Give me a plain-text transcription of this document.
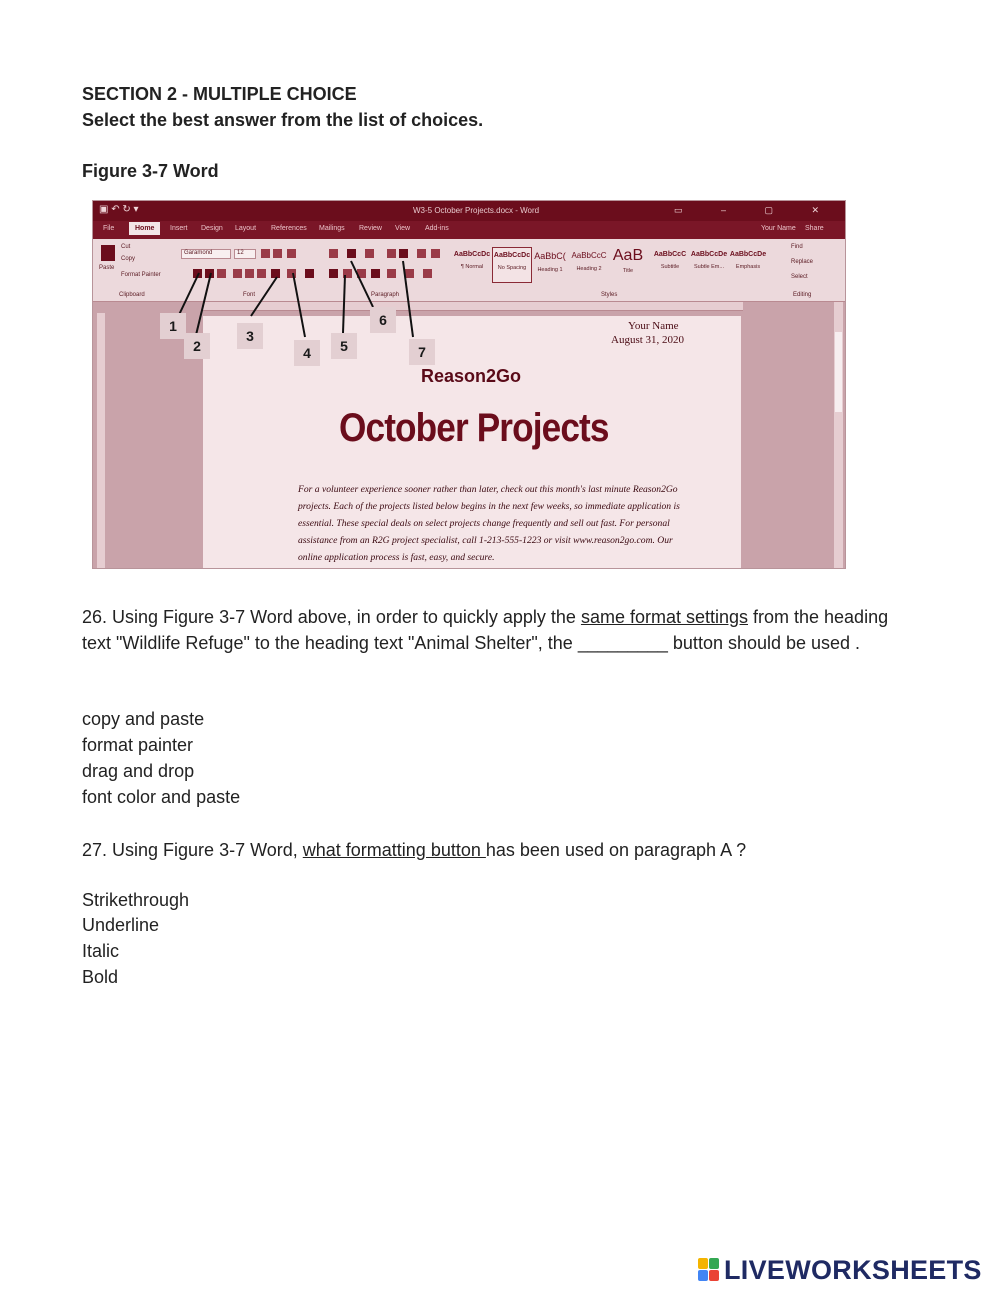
SECTION 2 - MULTIPLE CHOICE
Select the best answer from the list of choices.
Figure 3-7 Word
▣ ↶ ↻ ▾	W3-5 October Projects.docx - Word	▭ – ▢ ✕
File	Home	Insert Design Layout References Mailings Review View Add-ins	Your Name Share
Paste
Cut
Copy
Format Painter
Clipboard
Garamond	12
Font	Paragraph
AaBbCcDc
¶ Normal
AaBbCcDc
No Spacing
AaBbC(
Heading 1
AaBbCcC
Heading 2
AaB
Title
AaBbCcC
Subtitle
AaBbCcDe
Subtle Em...
AaBbCcDe
Emphasis
Styles
Find
Replace
Select
Editing
Your Name
August 31, 2020
Reason2Go
October Projects
For a volunteer experience sooner rather than later, check out this month's last minute Reason2Go projects. Each of the projects listed below begins in the next few weeks, so immediate application is essential. These special deals on select projects change frequently and sell out fast. For personal assistance from an R2G project specialist, call 1-213-555-1223 or visit www.reason2go.com. Our online application process is fast, easy, and secure.
1
2
3
4	5
6
7
26. Using Figure 3-7 Word above, in order to quickly apply the same format settings from the heading text "Wildlife Refuge" to the heading text "Animal Shelter", the _________ button should be used .
copy and paste
format painter
drag and drop
font color and paste
27. Using Figure 3-7 Word, what formatting button has been used on paragraph A ?
Strikethrough
Underline
Italic
Bold
LIVEWORKSHEETS
